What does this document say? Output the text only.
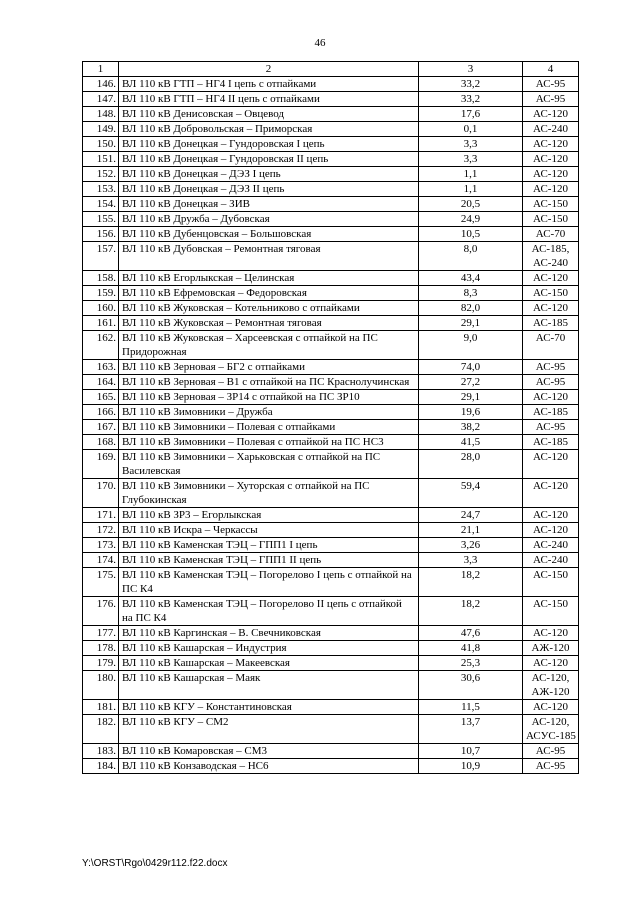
46
1	2	3	4
146.	ВЛ 110 кВ ГТП – НГ4 I цепь с отпайками	33,2	АС-95
147.	ВЛ 110 кВ ГТП – НГ4 II цепь с отпайками	33,2	АС-95
148.	ВЛ 110 кВ Денисовская – Овцевод	17,6	АС-120
149.	ВЛ 110 кВ Добровольская – Приморская	0,1	АС-240
150.	ВЛ 110 кВ Донецкая – Гундоровская I цепь	3,3	АС-120
151.	ВЛ 110 кВ Донецкая – Гундоровская II цепь	3,3	АС-120
152.	ВЛ 110 кВ Донецкая – ДЭЗ I цепь	1,1	АС-120
153.	ВЛ 110 кВ Донецкая – ДЭЗ II цепь	1,1	АС-120
154.	ВЛ 110 кВ Донецкая – ЗИВ	20,5	АС-150
155.	ВЛ 110 кВ Дружба – Дубовская	24,9	АС-150
156.	ВЛ 110 кВ Дубенцовская – Большовская	10,5	АС-70
157.	ВЛ 110 кВ Дубовская – Ремонтная тяговая	8,0	АС-185, АС-240
158.	ВЛ 110 кВ Егорлыкская – Целинская	43,4	АС-120
159.	ВЛ 110 кВ Ефремовская – Федоровская	8,3	АС-150
160.	ВЛ 110 кВ Жуковская – Котельниково с отпайками	82,0	АС-120
161.	ВЛ 110 кВ Жуковская – Ремонтная тяговая	29,1	АС-185
162.	ВЛ 110 кВ Жуковская – Харсеевская с отпайкой на ПС Придорожная	9,0	АС-70
163.	ВЛ 110 кВ Зерновая – БГ2 с отпайками	74,0	АС-95
164.	ВЛ 110 кВ Зерновая – В1 с отпайкой на ПС Краснолучинская	27,2	АС-95
165.	ВЛ 110 кВ Зерновая – ЗР14 с отпайкой на ПС ЗР10	29,1	АС-120
166.	ВЛ 110 кВ Зимовники – Дружба	19,6	АС-185
167.	ВЛ 110 кВ Зимовники – Полевая с отпайками	38,2	АС-95
168.	ВЛ 110 кВ Зимовники – Полевая с отпайкой на ПС НС3	41,5	АС-185
169.	ВЛ 110 кВ Зимовники – Харьковская с отпайкой на ПС Василевская	28,0	АС-120
170.	ВЛ 110 кВ Зимовники – Хуторская с отпайкой на ПС Глубокинская	59,4	АС-120
171.	ВЛ 110 кВ ЗР3 – Егорлыкская	24,7	АС-120
172.	ВЛ 110 кВ Искра – Черкассы	21,1	АС-120
173.	ВЛ 110 кВ Каменская ТЭЦ – ГПП1 I цепь	3,26	АС-240
174.	ВЛ 110 кВ Каменская ТЭЦ – ГПП1 II цепь	3,3	АС-240
175.	ВЛ 110 кВ Каменская ТЭЦ – Погорелово I цепь с отпайкой на ПС К4	18,2	АС-150
176.	ВЛ 110 кВ Каменская ТЭЦ – Погорелово II цепь с отпайкой на ПС К4	18,2	АС-150
177.	ВЛ 110 кВ Каргинская – В. Свечниковская	47,6	АС-120
178.	ВЛ 110 кВ Кашарская – Индустрия	41,8	АЖ-120
179.	ВЛ 110 кВ Кашарская – Макеевская	25,3	АС-120
180.	ВЛ 110 кВ Кашарская – Маяк	30,6	АС-120, АЖ-120
181.	ВЛ 110 кВ КГУ – Константиновская	11,5	АС-120
182.	ВЛ 110 кВ КГУ – СМ2	13,7	АС-120, АСУС-185
183.	ВЛ 110 кВ Комаровская – СМ3	10,7	АС-95
184.	ВЛ 110 кВ Конзаводская – НС6	10,9	АС-95
Y:\ORST\Rgo\0429r112.f22.docx
